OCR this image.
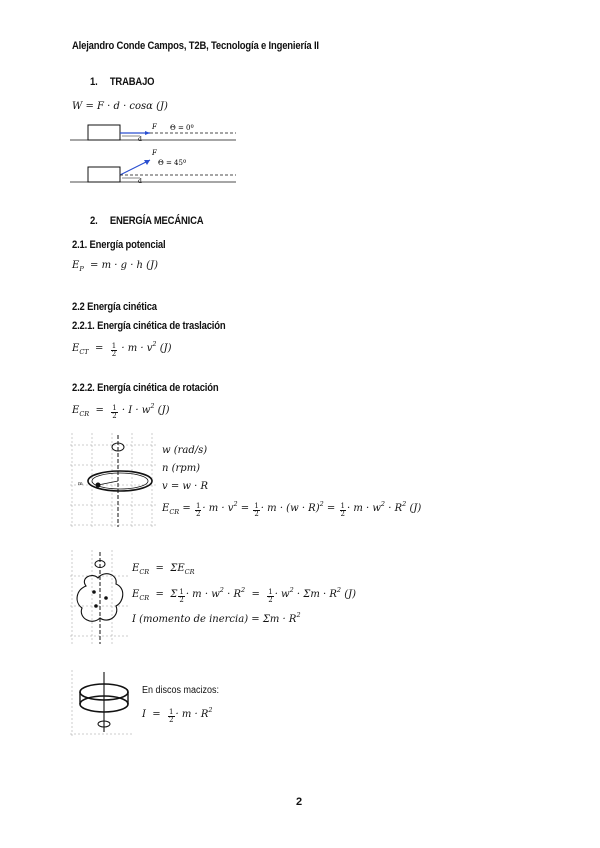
Alejandro Conde Campos, T2B, Tecnología e Ingeniería II
1.     TRABAJO
W = F · d · cosα (J)
F Θ = 0º
d
F
Θ = 45º
d
2.     ENERGÍA MECÁNICA
2.1. Energía potencial
$E_P = m \cdot g \cdot h$ (J)
2.2 Energía cinética
2.2.1. Energía cinética de traslación
$E_{CT} = \frac{1}{2} \cdot m \cdot v^2$ (J)
2.2.2. Energía cinética de rotación
$E_{CR} = \frac{1}{2} \cdot I \cdot w^2$ (J)
m
w (rad/s)
n (rpm)
v = w · R
$E_{CR} = \frac{1}{2} \cdot m \cdot v^2 = \frac{1}{2} \cdot m \cdot (w \cdot R)^2 = \frac{1}{2} \cdot m \cdot w^2 \cdot R^2$ (J)
$E_{CR} = \Sigma E_{CR}$
$E_{CR} = \Sigma \frac{1}{2} \cdot m \cdot w^2 \cdot R^2 = \frac{1}{2} \cdot w^2 \cdot \Sigma m \cdot R^2$ (J)
I (momento de inercia) = $\Sigma m \cdot R^2$
En discos macizos:
$I = \frac{1}{2} \cdot m \cdot R^2$
2
